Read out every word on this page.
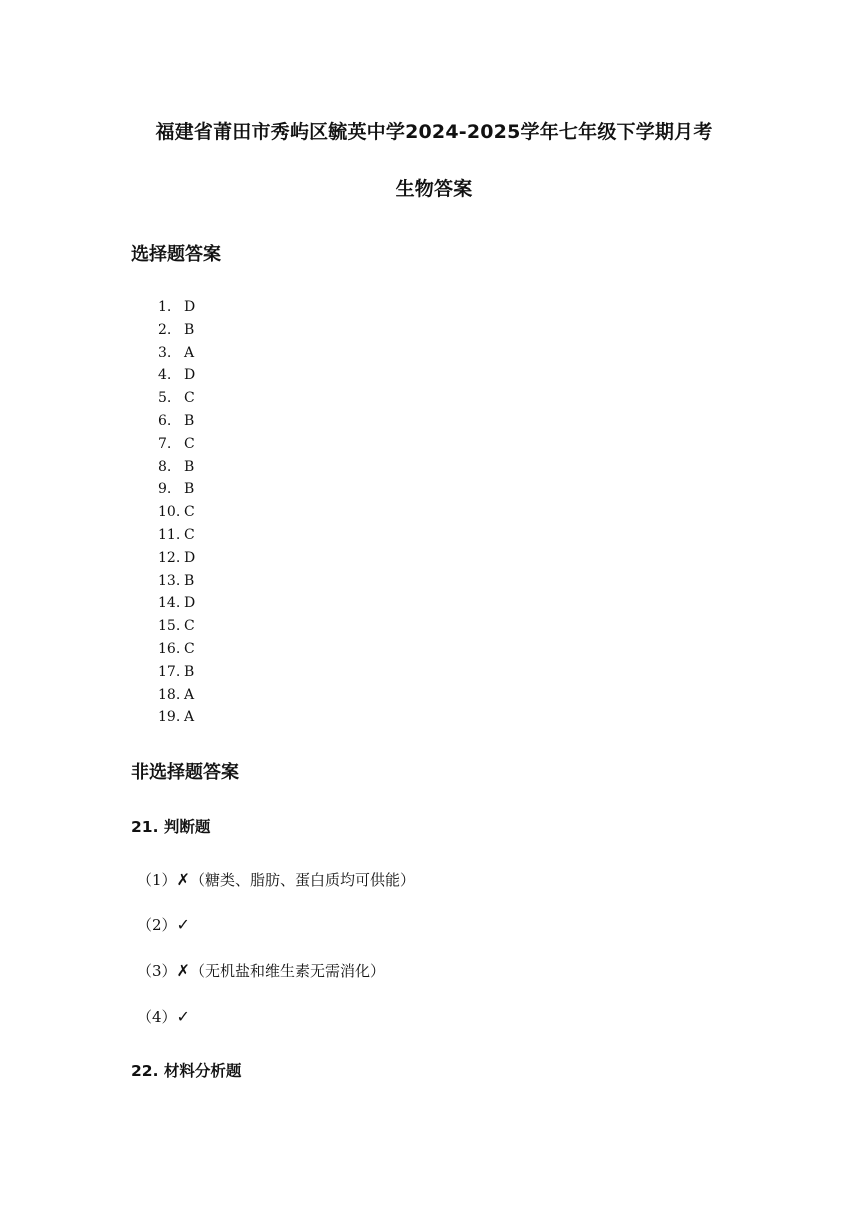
福建省莆田市秀屿区毓英中学2024-2025学年七年级下学期月考
生物答案
选择题答案
1. D
2. B
3. A
4. D
5. C
6. B
7. C
8. B
9. B
10. C
11. C
12. D
13. B
14. D
15. C
16. C
17. B
18. A
19. A
非选择题答案
21. 判断题
（1）✗（糖类、脂肪、蛋白质均可供能）
（2）✓
（3）✗（无机盐和维生素无需消化）
（4）✓
22. 材料分析题
